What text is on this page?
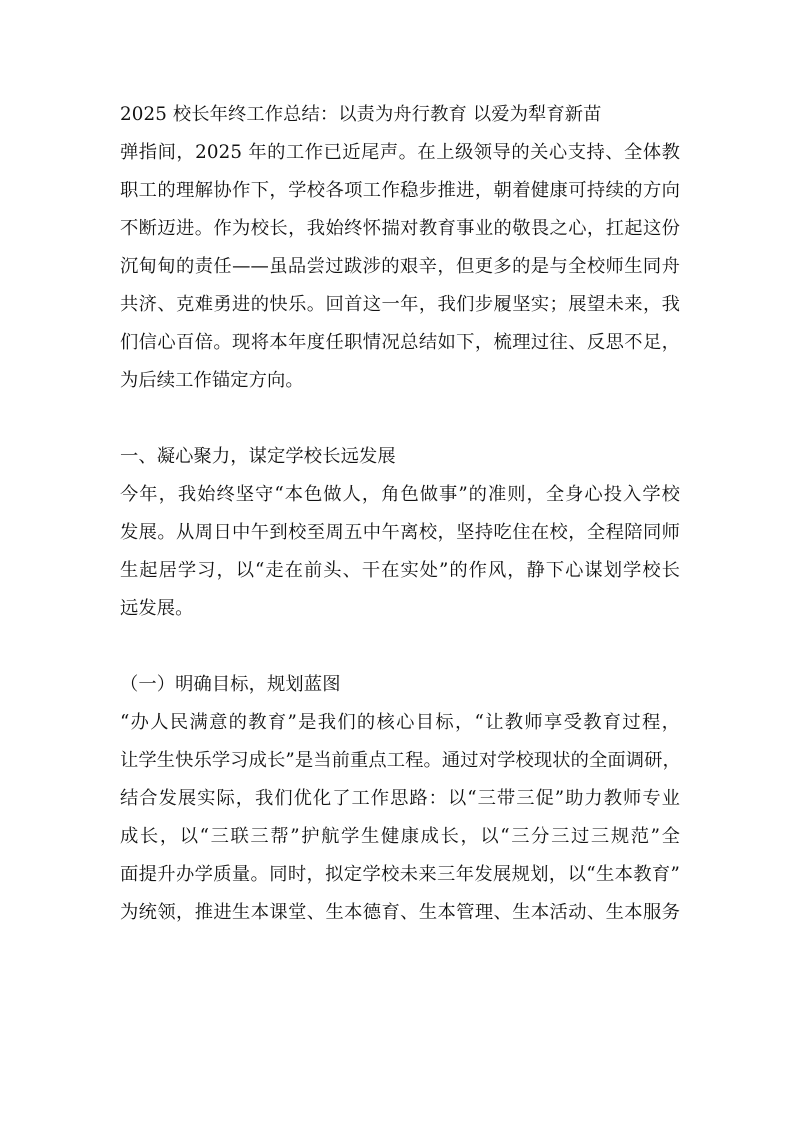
2025 校长年终工作总结：以责为舟行教育 以爱为犁育新苗
弹指间，2025 年的工作已近尾声。在上级领导的关心支持、全体教
职工的理解协作下，学校各项工作稳步推进，朝着健康可持续的方向
不断迈进。作为校长，我始终怀揣对教育事业的敬畏之心，扛起这份
沉甸甸的责任——虽品尝过跋涉的艰辛，但更多的是与全校师生同舟
共济、克难勇进的快乐。回首这一年，我们步履坚实；展望未来，我
们信心百倍。现将本年度任职情况总结如下，梳理过往、反思不足，
为后续工作锚定方向。
一、凝心聚力，谋定学校长远发展
今年，我始终坚守“本色做人，角色做事”的准则，全身心投入学校
发展。从周日中午到校至周五中午离校，坚持吃住在校，全程陪同师
生起居学习，以“走在前头、干在实处”的作风，静下心谋划学校长
远发展。
（一）明确目标，规划蓝图
“办人民满意的教育”是我们的核心目标，“让教师享受教育过程，
让学生快乐学习成长”是当前重点工程。通过对学校现状的全面调研，
结合发展实际，我们优化了工作思路：以“三带三促”助力教师专业
成长，以“三联三帮”护航学生健康成长，以“三分三过三规范”全
面提升办学质量。同时，拟定学校未来三年发展规划，以“生本教育”
为统领，推进生本课堂、生本德育、生本管理、生本活动、生本服务
